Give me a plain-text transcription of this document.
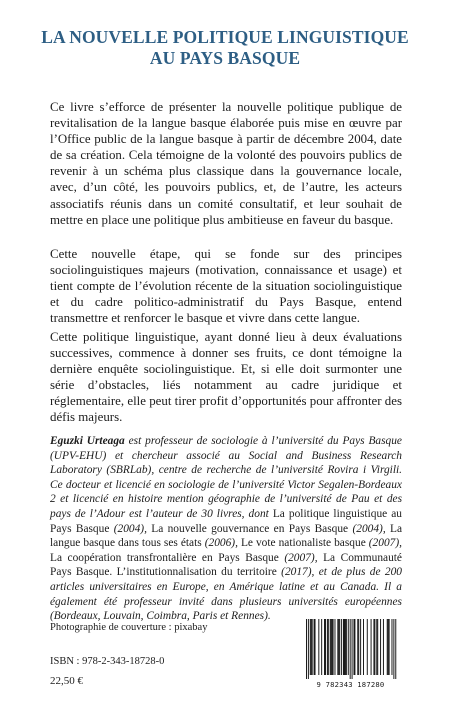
LA NOUVELLE POLITIQUE LINGUISTIQUE
AU PAYS BASQUE

Ce livre s’efforce de présenter la nouvelle politique publique de revitalisation de la langue basque élaborée puis mise en œuvre par l’Office public de la langue basque à partir de décembre 2004, date de sa création. Cela témoigne de la volonté des pouvoirs publics de revenir à un schéma plus classique dans la gouvernance locale, avec, d’un côté, les pouvoirs publics, et, de l’autre, les acteurs associatifs réunis dans un comité consultatif, et leur souhait de mettre en place une politique plus ambitieuse en faveur du basque.

Cette nouvelle étape, qui se fonde sur des principes sociolinguistiques majeurs (motivation, connaissance et usage) et tient compte de l’évolution récente de la situation sociolinguistique et du cadre politico-administratif du Pays Basque, entend transmettre et renforcer le basque et vivre dans cette langue.

Cette politique linguistique, ayant donné lieu à deux évaluations successives, commence à donner ses fruits, ce dont témoigne la dernière enquête sociolinguistique. Et, si elle doit surmonter une série d’obstacles, liés notamment au cadre juridique et réglementaire, elle peut tirer profit d’opportunités pour affronter des défis majeurs.

Eguzki Urteaga est professeur de sociologie à l’université du Pays Basque (UPV-EHU) et chercheur associé au Social and Business Research Laboratory (SBRLab), centre de recherche de l’université Rovira i Virgili. Ce docteur et licencié en sociologie de l’université Victor Segalen-Bordeaux 2 et licencié en histoire mention géographie de l’université de Pau et des pays de l’Adour est l’auteur de 30 livres, dont La politique linguistique au Pays Basque (2004), La nouvelle gouvernance en Pays Basque (2004), La langue basque dans tous ses états (2006), Le vote nationaliste basque (2007), La coopération transfrontalière en Pays Basque (2007), La Communauté Pays Basque. L’institutionnalisation du territoire (2017), et de plus de 200 articles universitaires en Europe, en Amérique latine et au Canada. Il a également été professeur invité dans plusieurs universités européennes (Bordeaux, Louvain, Coimbra, Paris et Rennes).

Photographie de couverture : pixabay
ISBN : 978-2-343-18728-0
22,50 €	9 782343 187280
